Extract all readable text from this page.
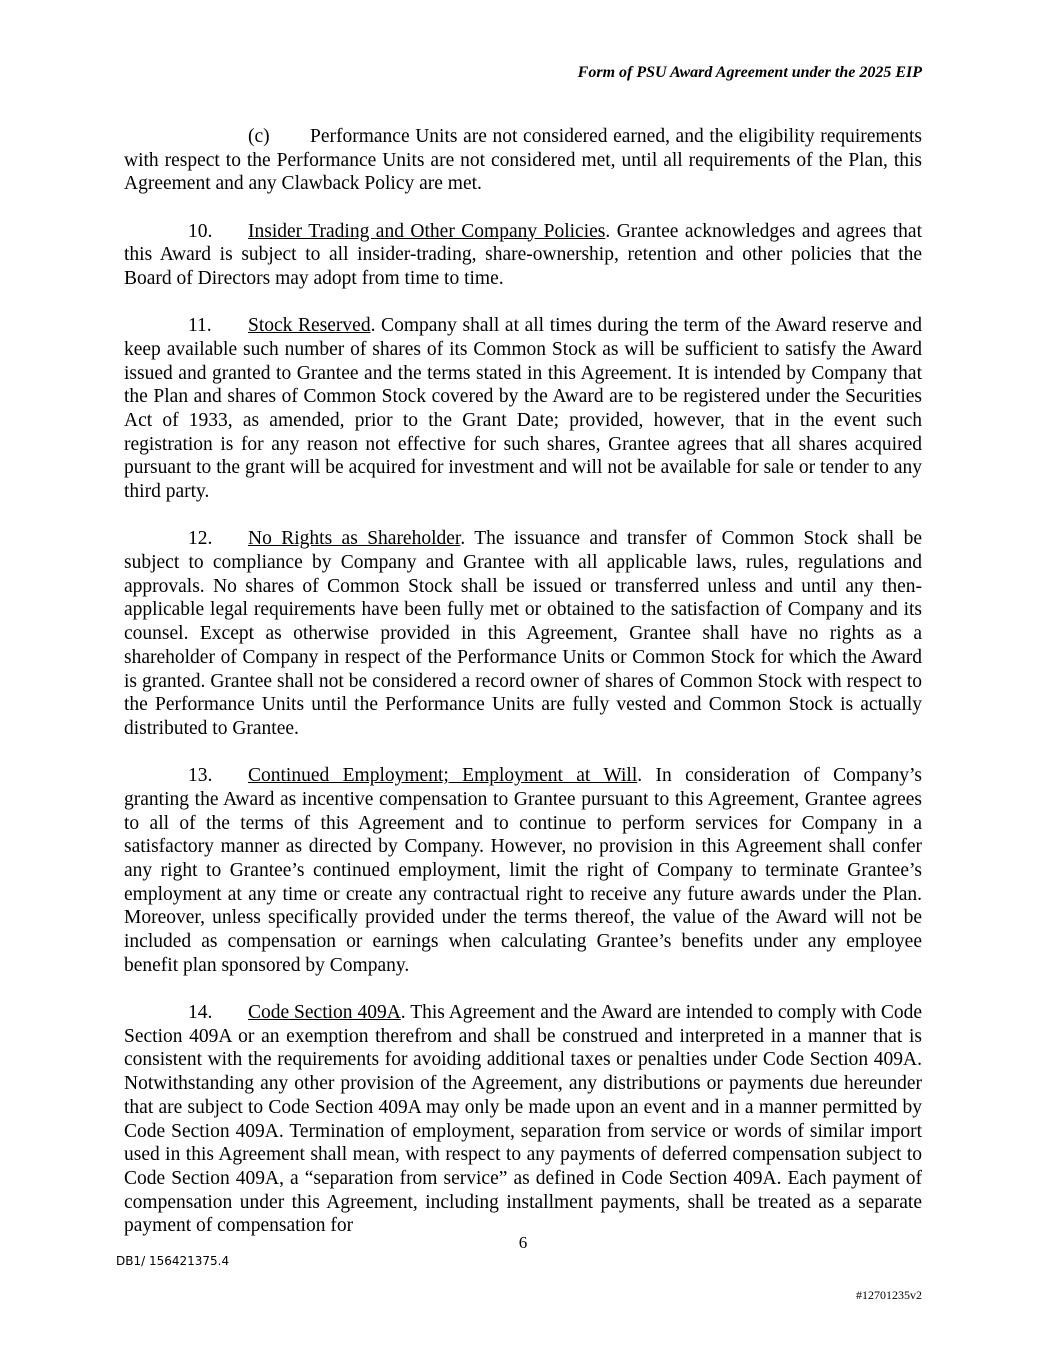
Form of PSU Award Agreement under the 2025 EIP

(c) Performance Units are not considered earned, and the eligibility requirements with respect to the Performance Units are not considered met, until all requirements of the Plan, this Agreement and any Clawback Policy are met.

10. Insider Trading and Other Company Policies. Grantee acknowledges and agrees that this Award is subject to all insider-trading, share-ownership, retention and other policies that the Board of Directors may adopt from time to time.

11. Stock Reserved. Company shall at all times during the term of the Award reserve and keep available such number of shares of its Common Stock as will be sufficient to satisfy the Award issued and granted to Grantee and the terms stated in this Agreement. It is intended by Company that the Plan and shares of Common Stock covered by the Award are to be registered under the Securities Act of 1933, as amended, prior to the Grant Date; provided, however, that in the event such registration is for any reason not effective for such shares, Grantee agrees that all shares acquired pursuant to the grant will be acquired for investment and will not be available for sale or tender to any third party.

12. No Rights as Shareholder. The issuance and transfer of Common Stock shall be subject to compliance by Company and Grantee with all applicable laws, rules, regulations and approvals. No shares of Common Stock shall be issued or transferred unless and until any then-applicable legal requirements have been fully met or obtained to the satisfaction of Company and its counsel. Except as otherwise provided in this Agreement, Grantee shall have no rights as a shareholder of Company in respect of the Performance Units or Common Stock for which the Award is granted. Grantee shall not be considered a record owner of shares of Common Stock with respect to the Performance Units until the Performance Units are fully vested and Common Stock is actually distributed to Grantee.

13. Continued Employment; Employment at Will. In consideration of Company’s granting the Award as incentive compensation to Grantee pursuant to this Agreement, Grantee agrees to all of the terms of this Agreement and to continue to perform services for Company in a satisfactory manner as directed by Company. However, no provision in this Agreement shall confer any right to Grantee’s continued employment, limit the right of Company to terminate Grantee’s employment at any time or create any contractual right to receive any future awards under the Plan. Moreover, unless specifically provided under the terms thereof, the value of the Award will not be included as compensation or earnings when calculating Grantee’s benefits under any employee benefit plan sponsored by Company.

14. Code Section 409A. This Agreement and the Award are intended to comply with Code Section 409A or an exemption therefrom and shall be construed and interpreted in a manner that is consistent with the requirements for avoiding additional taxes or penalties under Code Section 409A. Notwithstanding any other provision of the Agreement, any distributions or payments due hereunder that are subject to Code Section 409A may only be made upon an event and in a manner permitted by Code Section 409A. Termination of employment, separation from service or words of similar import used in this Agreement shall mean, with respect to any payments of deferred compensation subject to Code Section 409A, a “separation from service” as defined in Code Section 409A. Each payment of compensation under this Agreement, including installment payments, shall be treated as a separate payment of compensation for

6
DB1/ 156421375.4
#12701235v2
